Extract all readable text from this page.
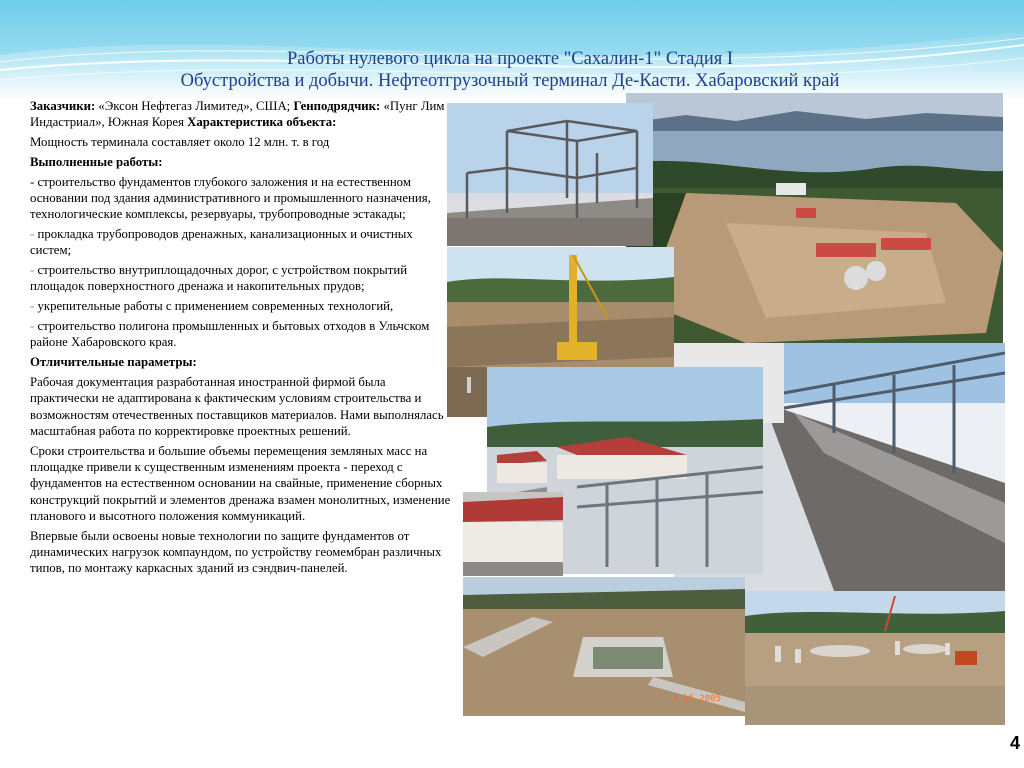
Работы нулевого цикла на проекте "Сахалин-1" Стадия I
Обустройства и добычи. Нефтеотгрузочный терминал Де-Касти. Хабаровский край

Заказчики: «Эксон Нефтегаз Лимитед», США; Генподрядчик: «Пунг Лим Индастриал», Южная Корея Характеристика объекта:

Мощность терминала составляет около 12 млн. т. в год

Выполненные работы:

- строительство фундаментов глубокого заложения и на естественном основании под здания административного и промышленного назначения, технологические комплексы, резервуары, трубопроводные эстакады;

- прокладка трубопроводов дренажных, канализационных и очистных систем;

- строительство внутриплощадочных дорог, с устройством покрытий площадок поверхностного дренажа и накопительных прудов;

- укрепительные работы с применением современных технологий,

- строительство полигона промышленных и бытовых отходов в Ульчском районе Хабаровского края.

Отличительные параметры:

Рабочая документация разработанная иностранной фирмой была практически не адаптирована к фактическим условиям строительства и возможностям отечественных поставщиков материалов. Нами выполнялась масштабная работа по корректировке проектных решений.

Сроки строительства и большие объемы перемещения земляных масс на площадке привели к существенным изменениям проекта - переход с фундаментов на естественном основании на свайные, применение сборных конструкций покрытий и элементов дренажа взамен монолитных, изменение планового и высотного положения коммуникаций.

Впервые были освоены новые технологии по защите фундаментов от динамических нагрузок компаундом, по устройству геомембран различных типов, по монтажу каркасных зданий из сэндвич-панелей.

3 15 2005
4
